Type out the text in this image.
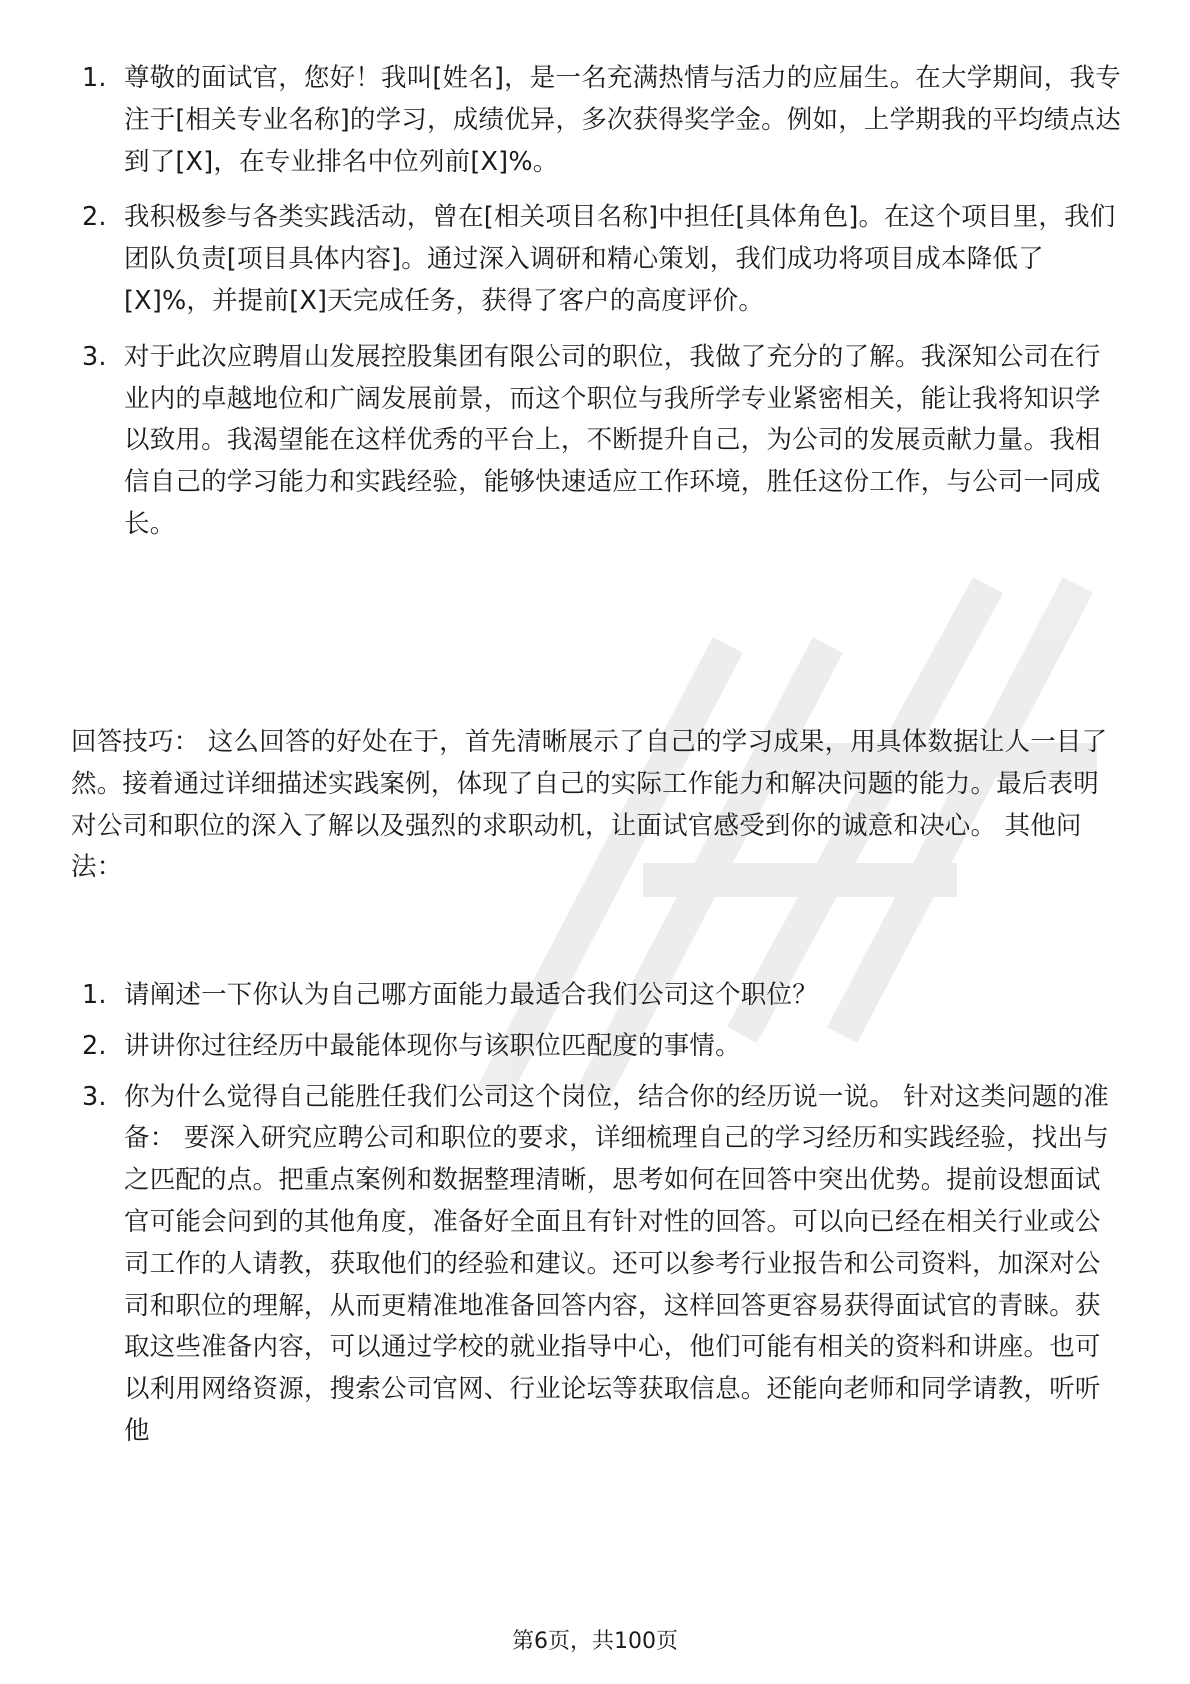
1. 尊敬的面试官，您好！我叫[姓名]，是一名充满热情与活力的应届生。在大学期间，我专注于[相关专业名称]的学习，成绩优异，多次获得奖学金。例如，上学期我的平均绩点达到了[X]，在专业排名中位列前[X]%。
2. 我积极参与各类实践活动，曾在[相关项目名称]中担任[具体角色]。在这个项目里，我们团队负责[项目具体内容]。通过深入调研和精心策划，我们成功将项目成本降低了[X]%，并提前[X]天完成任务，获得了客户的高度评价。
3. 对于此次应聘眉山发展控股集团有限公司的职位，我做了充分的了解。我深知公司在行业内的卓越地位和广阔发展前景，而这个职位与我所学专业紧密相关，能让我将知识学以致用。我渴望能在这样优秀的平台上，不断提升自己，为公司的发展贡献力量。我相信自己的学习能力和实践经验，能够快速适应工作环境，胜任这份工作，与公司一同成长。

回答技巧： 这么回答的好处在于，首先清晰展示了自己的学习成果，用具体数据让人一目了然。接着通过详细描述实践案例，体现了自己的实际工作能力和解决问题的能力。最后表明对公司和职位的深入了解以及强烈的求职动机，让面试官感受到你的诚意和决心。 其他问法：

1. 请阐述一下你认为自己哪方面能力最适合我们公司这个职位？
2. 讲讲你过往经历中最能体现你与该职位匹配度的事情。
3. 你为什么觉得自己能胜任我们公司这个岗位，结合你的经历说一说。 针对这类问题的准备： 要深入研究应聘公司和职位的要求，详细梳理自己的学习经历和实践经验，找出与之匹配的点。把重点案例和数据整理清晰，思考如何在回答中突出优势。提前设想面试官可能会问到的其他角度，准备好全面且有针对性的回答。可以向已经在相关行业或公司工作的人请教，获取他们的经验和建议。还可以参考行业报告和公司资料，加深对公司和职位的理解，从而更精准地准备回答内容，这样回答更容易获得面试官的青睐。获取这些准备内容，可以通过学校的就业指导中心，他们可能有相关的资料和讲座。也可以利用网络资源，搜索公司官网、行业论坛等获取信息。还能向老师和同学请教，听听他
第6页，共100页
